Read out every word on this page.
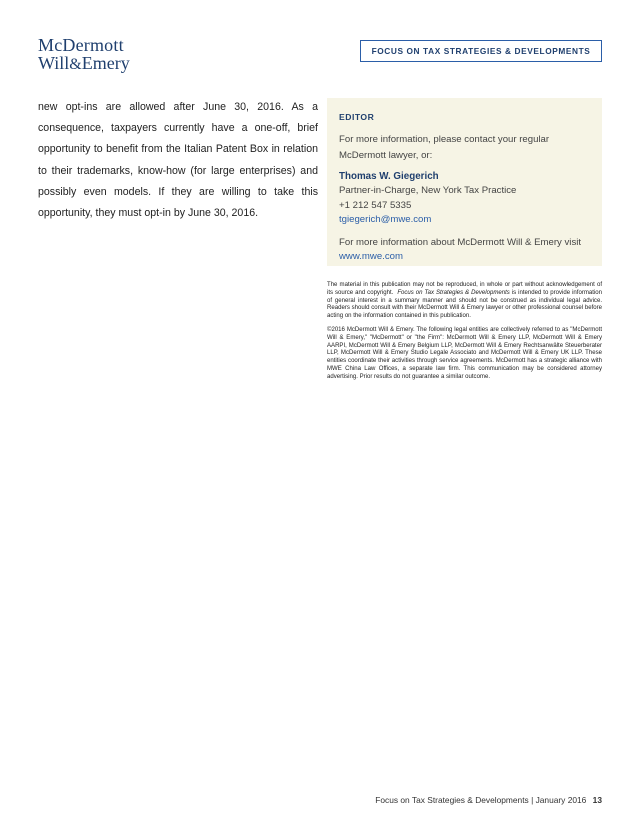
McDermott
Will&Emery
FOCUS ON TAX STRATEGIES & DEVELOPMENTS
new opt-ins are allowed after June 30, 2016. As a consequence, taxpayers currently have a one-off, brief opportunity to benefit from the Italian Patent Box in relation to their trademarks, know-how (for large enterprises) and possibly even models. If they are willing to take this opportunity, they must opt-in by June 30, 2016.
EDITOR
For more information, please contact your regular McDermott lawyer, or:
Thomas W. Giegerich
Partner-in-Charge, New York Tax Practice
+1 212 547 5335
tgiegerich@mwe.com
For more information about McDermott Will & Emery visit
www.mwe.com

The material in this publication may not be reproduced, in whole or part without acknowledgement of its source and copyright. Focus on Tax Strategies & Developments is intended to provide information of general interest in a summary manner and should not be construed as individual legal advice. Readers should consult with their McDermott Will & Emery lawyer or other professional counsel before acting on the information contained in this publication.

©2016 McDermott Will & Emery. The following legal entities are collectively referred to as "McDermott Will & Emery," "McDermott" or "the Firm": McDermott Will & Emery LLP, McDermott Will & Emery AARPI, McDermott Will & Emery Belgium LLP, McDermott Will & Emery Rechtsanwälte Steuerberater LLP, McDermott Will & Emery Studio Legale Associato and McDermott Will & Emery UK LLP. These entities coordinate their activities through service agreements. McDermott has a strategic alliance with MWE China Law Offices, a separate law firm. This communication may be considered attorney advertising. Prior results do not guarantee a similar outcome.

Focus on Tax Strategies & Developments | January 2016 13
